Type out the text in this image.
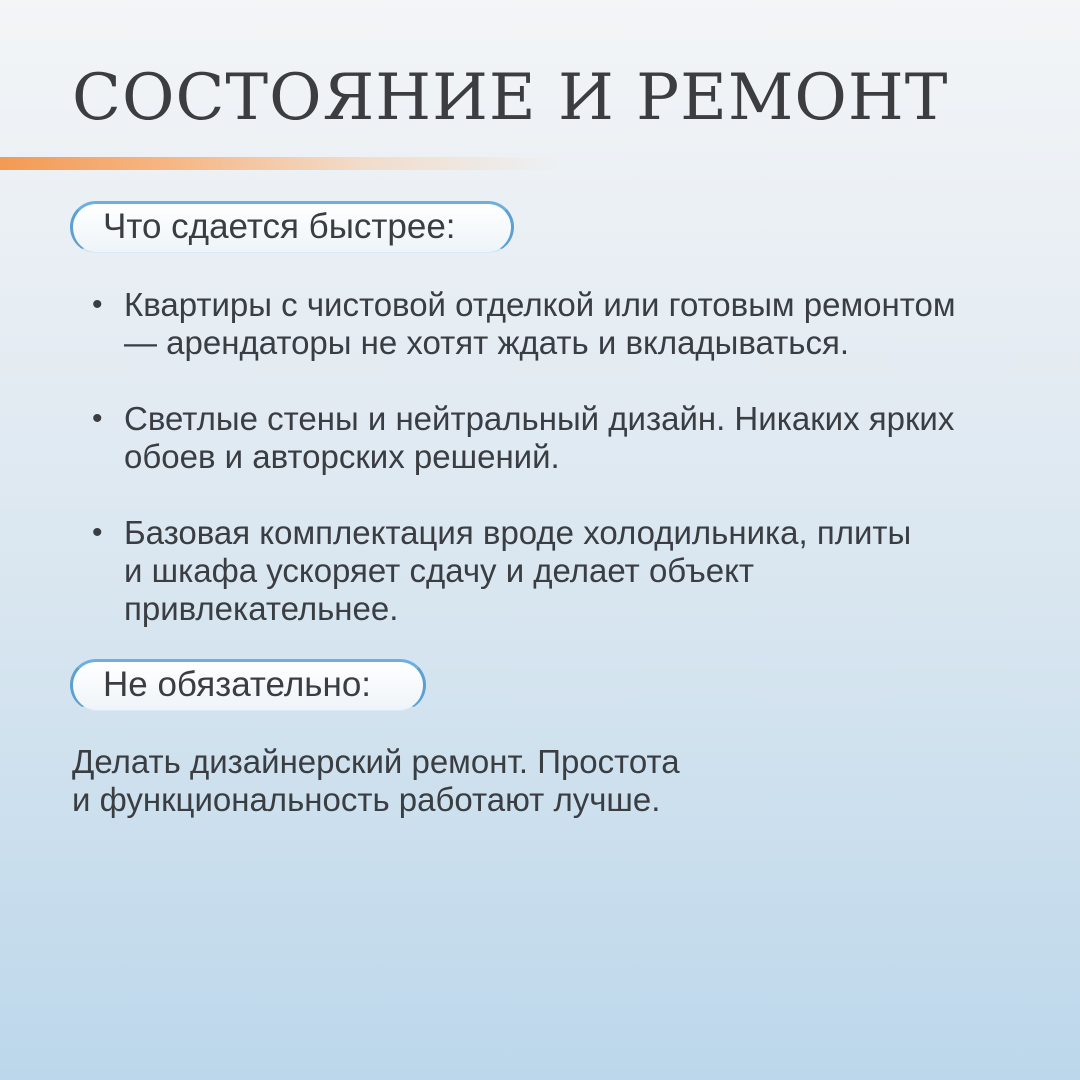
СОСТОЯНИЕ И РЕМОНТ
Что сдается быстрее:
• Квартиры с чистовой отделкой или готовым ремонтом
— арендаторы не хотят ждать и вкладываться.
• Светлые стены и нейтральный дизайн. Никаких ярких
обоев и авторских решений.
• Базовая комплектация вроде холодильника, плиты
и шкафа ускоряет сдачу и делает объект
привлекательнее.
Не обязательно:
Делать дизайнерский ремонт. Простота
и функциональность работают лучше.
